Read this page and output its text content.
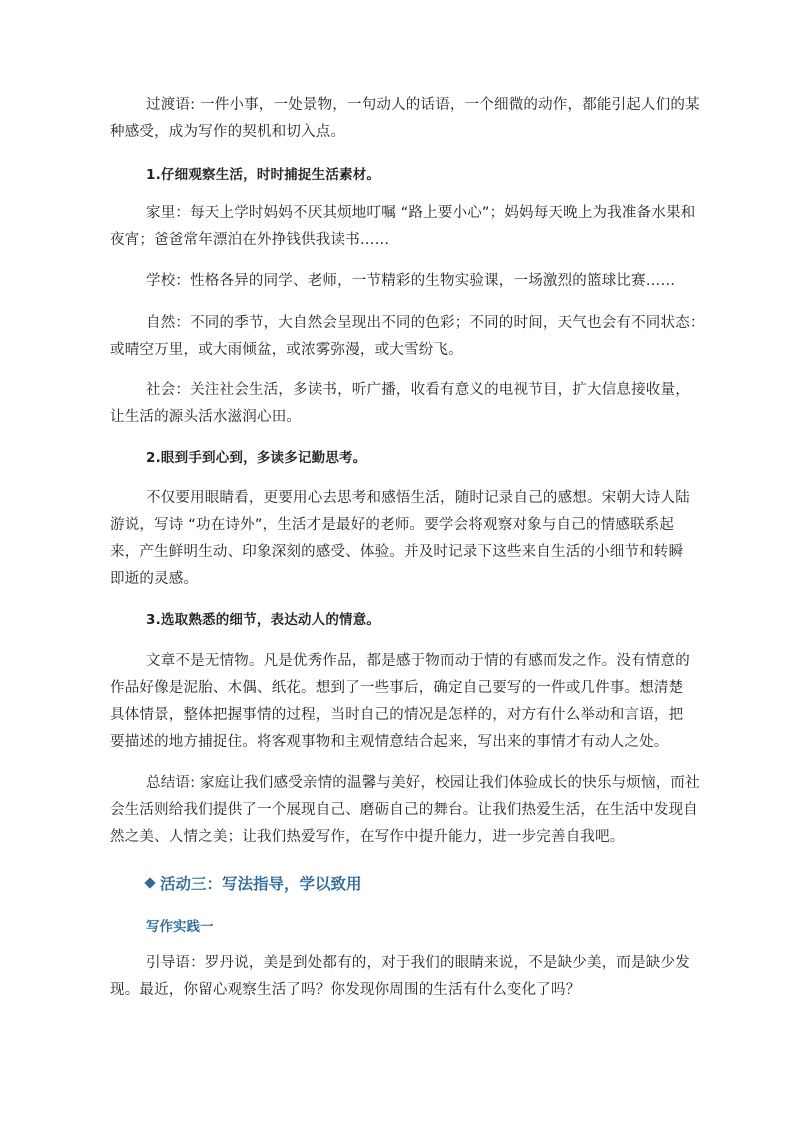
过渡语: 一件小事，一处景物，一句动人的话语，一个细微的动作，都能引起人们的某
种感受，成为写作的契机和切入点。
1.仔细观察生活，时时捕捉生活素材。
家里：每天上学时妈妈不厌其烦地叮嘱 “路上要小心”；妈妈每天晚上为我准备水果和
夜宵；爸爸常年漂泊在外挣钱供我读书……
学校：性格各异的同学、老师，一节精彩的生物实验课，一场激烈的篮球比赛……
自然：不同的季节，大自然会呈现出不同的色彩；不同的时间，天气也会有不同状态：
或晴空万里，或大雨倾盆，或浓雾弥漫，或大雪纷飞。
社会：关注社会生活，多读书，听广播，收看有意义的电视节目，扩大信息接收量，
让生活的源头活水滋润心田。
2.眼到手到心到，多读多记勤思考。
不仅要用眼睛看，更要用心去思考和感悟生活，随时记录自己的感想。宋朝大诗人陆
游说，写诗 “功在诗外”，生活才是最好的老师。要学会将观察对象与自己的情感联系起
来，产生鲜明生动、印象深刻的感受、体验。并及时记录下这些来自生活的小细节和转瞬
即逝的灵感。
3.选取熟悉的细节，表达动人的情意。
文章不是无情物。凡是优秀作品，都是感于物而动于情的有感而发之作。没有情意的
作品好像是泥胎、木偶、纸花。想到了一些事后，确定自己要写的一件或几件事。想清楚
具体情景，整体把握事情的过程，当时自己的情况是怎样的，对方有什么举动和言语，把
要描述的地方捕捉住。将客观事物和主观情意结合起来，写出来的事情才有动人之处。
总结语: 家庭让我们感受亲情的温馨与美好，校园让我们体验成长的快乐与烦恼，而社
会生活则给我们提供了一个展现自己、磨砺自己的舞台。让我们热爱生活，在生活中发现自
然之美、人情之美；让我们热爱写作，在写作中提升能力，进一步完善自我吧。
活动三：写法指导，学以致用
写作实践一
引导语：罗丹说，美是到处都有的，对于我们的眼睛来说，不是缺少美，而是缺少发
现。最近，你留心观察生活了吗？你发现你周围的生活有什么变化了吗？
